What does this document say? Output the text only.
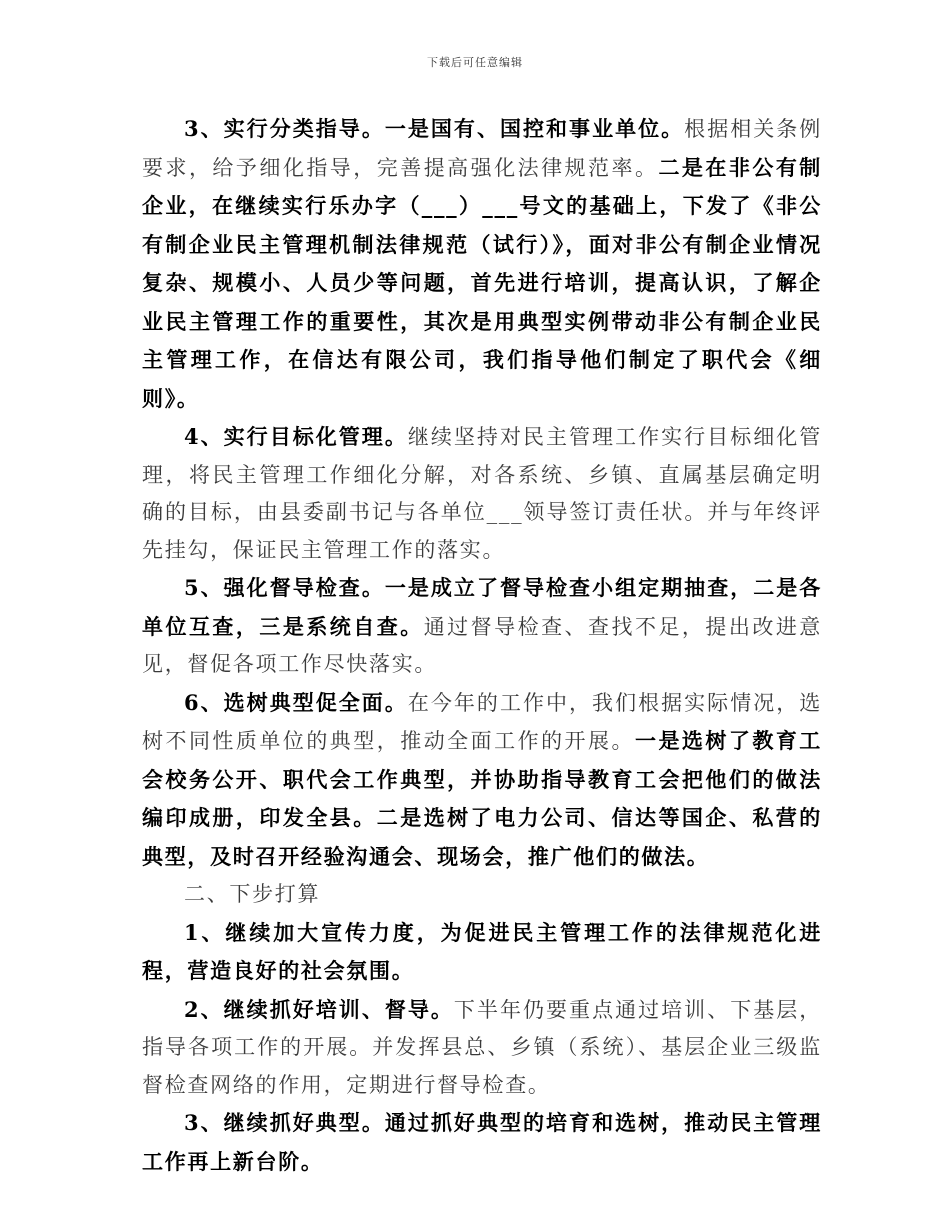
下载后可任意编辑

3、实行分类指导。一是国有、国控和事业单位。根据相关条例要求，给予细化指导，完善提高强化法律规范率。二是在非公有制企业，在继续实行乐办字（___）___号文的基础上，下发了《非公有制企业民主管理机制法律规范（试行）》，面对非公有制企业情况复杂、规模小、人员少等问题，首先进行培训，提高认识，了解企业民主管理工作的重要性，其次是用典型实例带动非公有制企业民主管理工作，在信达有限公司，我们指导他们制定了职代会《细则》。

4、实行目标化管理。继续坚持对民主管理工作实行目标细化管理，将民主管理工作细化分解，对各系统、乡镇、直属基层确定明确的目标，由县委副书记与各单位___领导签订责任状。并与年终评先挂勾，保证民主管理工作的落实。

5、强化督导检查。一是成立了督导检查小组定期抽查，二是各单位互查，三是系统自查。通过督导检查、查找不足，提出改进意见，督促各项工作尽快落实。

6、选树典型促全面。在今年的工作中，我们根据实际情况，选树不同性质单位的典型，推动全面工作的开展。一是选树了教育工会校务公开、职代会工作典型，并协助指导教育工会把他们的做法编印成册，印发全县。二是选树了电力公司、信达等国企、私营的典型，及时召开经验沟通会、现场会，推广他们的做法。

二、下步打算

1、继续加大宣传力度，为促进民主管理工作的法律规范化进程，营造良好的社会氛围。

2、继续抓好培训、督导。下半年仍要重点通过培训、下基层，指导各项工作的开展。并发挥县总、乡镇（系统）、基层企业三级监督检查网络的作用，定期进行督导检查。

3、继续抓好典型。通过抓好典型的培育和选树，推动民主管理工作再上新台阶。
